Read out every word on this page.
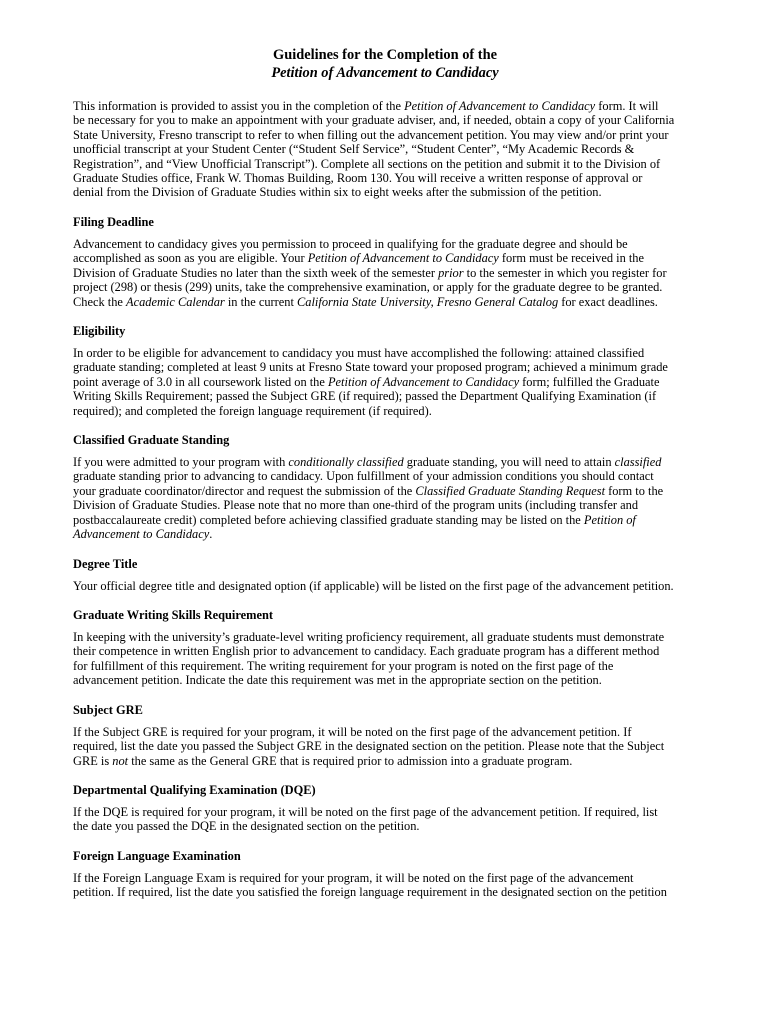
Guidelines for the Completion of the
Petition of Advancement to Candidacy
This information is provided to assist you in the completion of the Petition of Advancement to Candidacy form. It will
be necessary for you to make an appointment with your graduate adviser, and, if needed, obtain a copy of your California
State University, Fresno transcript to refer to when filling out the advancement petition. You may view and/or print your
unofficial transcript at your Student Center (“Student Self Service”, “Student Center”, “My Academic Records &
Registration”, and “View Unofficial Transcript”). Complete all sections on the petition and submit it to the Division of
Graduate Studies office, Frank W. Thomas Building, Room 130. You will receive a written response of approval or
denial from the Division of Graduate Studies within six to eight weeks after the submission of the petition.
Filing Deadline
Advancement to candidacy gives you permission to proceed in qualifying for the graduate degree and should be
accomplished as soon as you are eligible. Your Petition of Advancement to Candidacy form must be received in the
Division of Graduate Studies no later than the sixth week of the semester prior to the semester in which you register for
project (298) or thesis (299) units, take the comprehensive examination, or apply for the graduate degree to be granted.
Check the Academic Calendar in the current California State University, Fresno General Catalog for exact deadlines.
Eligibility
In order to be eligible for advancement to candidacy you must have accomplished the following: attained classified
graduate standing; completed at least 9 units at Fresno State toward your proposed program; achieved a minimum grade
point average of 3.0 in all coursework listed on the Petition of Advancement to Candidacy form; fulfilled the Graduate
Writing Skills Requirement; passed the Subject GRE (if required); passed the Department Qualifying Examination (if
required); and completed the foreign language requirement (if required).
Classified Graduate Standing
If you were admitted to your program with conditionally classified graduate standing, you will need to attain classified
graduate standing prior to advancing to candidacy. Upon fulfillment of your admission conditions you should contact
your graduate coordinator/director and request the submission of the Classified Graduate Standing Request form to the
Division of Graduate Studies. Please note that no more than one-third of the program units (including transfer and
postbaccalaureate credit) completed before achieving classified graduate standing may be listed on the Petition of
Advancement to Candidacy.
Degree Title
Your official degree title and designated option (if applicable) will be listed on the first page of the advancement petition.
Graduate Writing Skills Requirement
In keeping with the university’s graduate-level writing proficiency requirement, all graduate students must demonstrate
their competence in written English prior to advancement to candidacy. Each graduate program has a different method
for fulfillment of this requirement. The writing requirement for your program is noted on the first page of the
advancement petition. Indicate the date this requirement was met in the appropriate section on the petition.
Subject GRE
If the Subject GRE is required for your program, it will be noted on the first page of the advancement petition. If
required, list the date you passed the Subject GRE in the designated section on the petition. Please note that the Subject
GRE is not the same as the General GRE that is required prior to admission into a graduate program.
Departmental Qualifying Examination (DQE)
If the DQE is required for your program, it will be noted on the first page of the advancement petition. If required, list
the date you passed the DQE in the designated section on the petition.
Foreign Language Examination
If the Foreign Language Exam is required for your program, it will be noted on the first page of the advancement
petition. If required, list the date you satisfied the foreign language requirement in the designated section on the petition
